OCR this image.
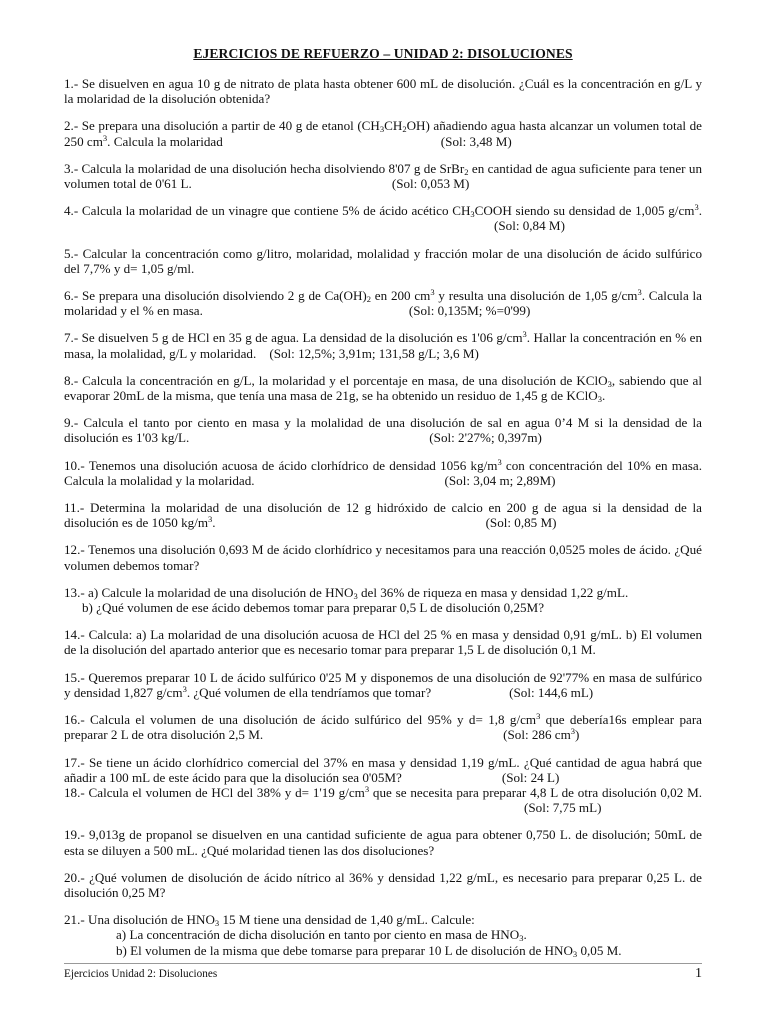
EJERCICIOS DE REFUERZO – UNIDAD 2: DISOLUCIONES

1.- Se disuelven en agua 10 g de nitrato de plata hasta obtener 600 mL de disolución. ¿Cuál es la concentración en g/L y la molaridad de la disolución obtenida?

2.- Se prepara una disolución a partir de 40 g de etanol $(CH_3CH_2OH)$ añadiendo agua hasta alcanzar un volumen total de 250 $cm^3$. Calcula la molaridad	(Sol: 3,48 M)

3.- Calcula la molaridad de una disolución hecha disolviendo 8'07 g de SrBr$_2$ en cantidad de agua suficiente para tener un volumen total de 0'61 L.	(Sol: 0,053 M)

4.- Calcula la molaridad de un vinagre que contiene 5% de ácido acético $CH_3COOH$ siendo su densidad de 1,005 $g/cm^3.(Sol$: 0,84 M)

5.- Calcular la concentración como g/litro, molaridad, molalidad y fracción molar de una disolución de ácido sulfúrico del 7,7% y d= 1,05 g/ml.

6.- Se prepara una disolución disolviendo 2 g de $Ca(OH)_2$ en 200 $cm^3$ y resulta una disolución de 1,05 $g/cm^3$. Calcula la molaridad y el % en masa.	(Sol: 0,135M; %=0'99)

7.- Se disuelven 5 g de HCl en 35 g de agua. La densidad de la disolución es 1'06 $g/cm^3$. Hallar la concentración en % en masa, la molalidad, g/L y molaridad. (Sol: 12,5%; 3,91m; 131,58 g/L; 3,6 M)

8.- Calcula la concentración en g/L, la molaridad y el porcentaje en masa, de una disolución de KClO$_3$, sabiendo que al evaporar 20mL de la misma, que tenía una masa de 21g, se ha obtenido un residuo de 1,45 g de KClO$_3$.

9.- Calcula el tanto por ciento en masa y la molalidad de una disolución de sal en agua 0’4 M si la densidad de la disolución es 1'03 kg/L.	(Sol: 2'27%; 0,397m)

10.- Tenemos una disolución acuosa de ácido clorhídrico de densidad 1056 $kg/m^3$ con concentración del 10% en masa. Calcula la molalidad y la molaridad.	(Sol: 3,04 m; 2,89M)

11.- Determina la molaridad de una disolución de 12 g hidróxido de calcio en 200 g de agua si la densidad de la disolución es de 1050 $kg/m^3$.	(Sol: 0,85 M)

12.- Tenemos una disolución 0,693 M de ácido clorhídrico y necesitamos para una reacción 0,0525 moles de ácido. ¿Qué volumen debemos tomar?

13.- a) Calcule la molaridad de una disolución de $HNO_3$ del 36% de riqueza en masa y densidad 1,22 g/mL.

b) ¿Qué volumen de ese ácido debemos tomar para preparar 0,5 L de disolución 0,25M?

14.- Calcula: a) La molaridad de una disolución acuosa de HCl del 25 % en masa y densidad 0,91 g/mL. b) El volumen de la disolución del apartado anterior que es necesario tomar para preparar 1,5 L de disolución 0,1 M.

15.- Queremos preparar 10 L de ácido sulfúrico 0'25 M y disponemos de una disolución de 92'77% en masa de sulfúrico y densidad 1,827 $g/cm^3$. ¿Qué volumen de ella tendríamos que tomar?	(Sol: 144,6 mL)

16.- Calcula el volumen de una disolución de ácido sulfúrico del 95% y d= 1,8 $g/cm^3$ que debería16s emplear para preparar 2 L de otra disolución 2,5 M.	(Sol: 286 $cm^3$)

17.- Se tiene un ácido clorhídrico comercial del 37% en masa y densidad 1,19 g/mL. ¿Qué cantidad de agua habrá que añadir a 100 mL de este ácido para que la disolución sea 0'05M?	(Sol: 24 L)

18.- Calcula el volumen de HCl del 38% y d= 1'19 $g/cm^3$ que se necesita para preparar 4,8 L de otra disolución 0,02 M.(Sol: 7,75 mL)

19.- 9,013g de propanol se disuelven en una cantidad suficiente de agua para obtener 0,750 L. de disolución; 50mL de esta se diluyen a 500 mL. ¿Qué molaridad tienen las dos disoluciones?

20.- ¿Qué volumen de disolución de ácido nítrico al 36% y densidad 1,22 g/mL, es necesario para preparar 0,25 L. de disolución 0,25 M?

21.- Una disolución de $HNO_3$ 15 M tiene una densidad de 1,40 g/mL. Calcule:

a) La concentración de dicha disolución en tanto por ciento en masa de $HNO_3$.

b) El volumen de la misma que debe tomarse para preparar 10 L de disolución de $HNO_3$ 0,05 M.

Ejercicios Unidad 2: Disoluciones	1
